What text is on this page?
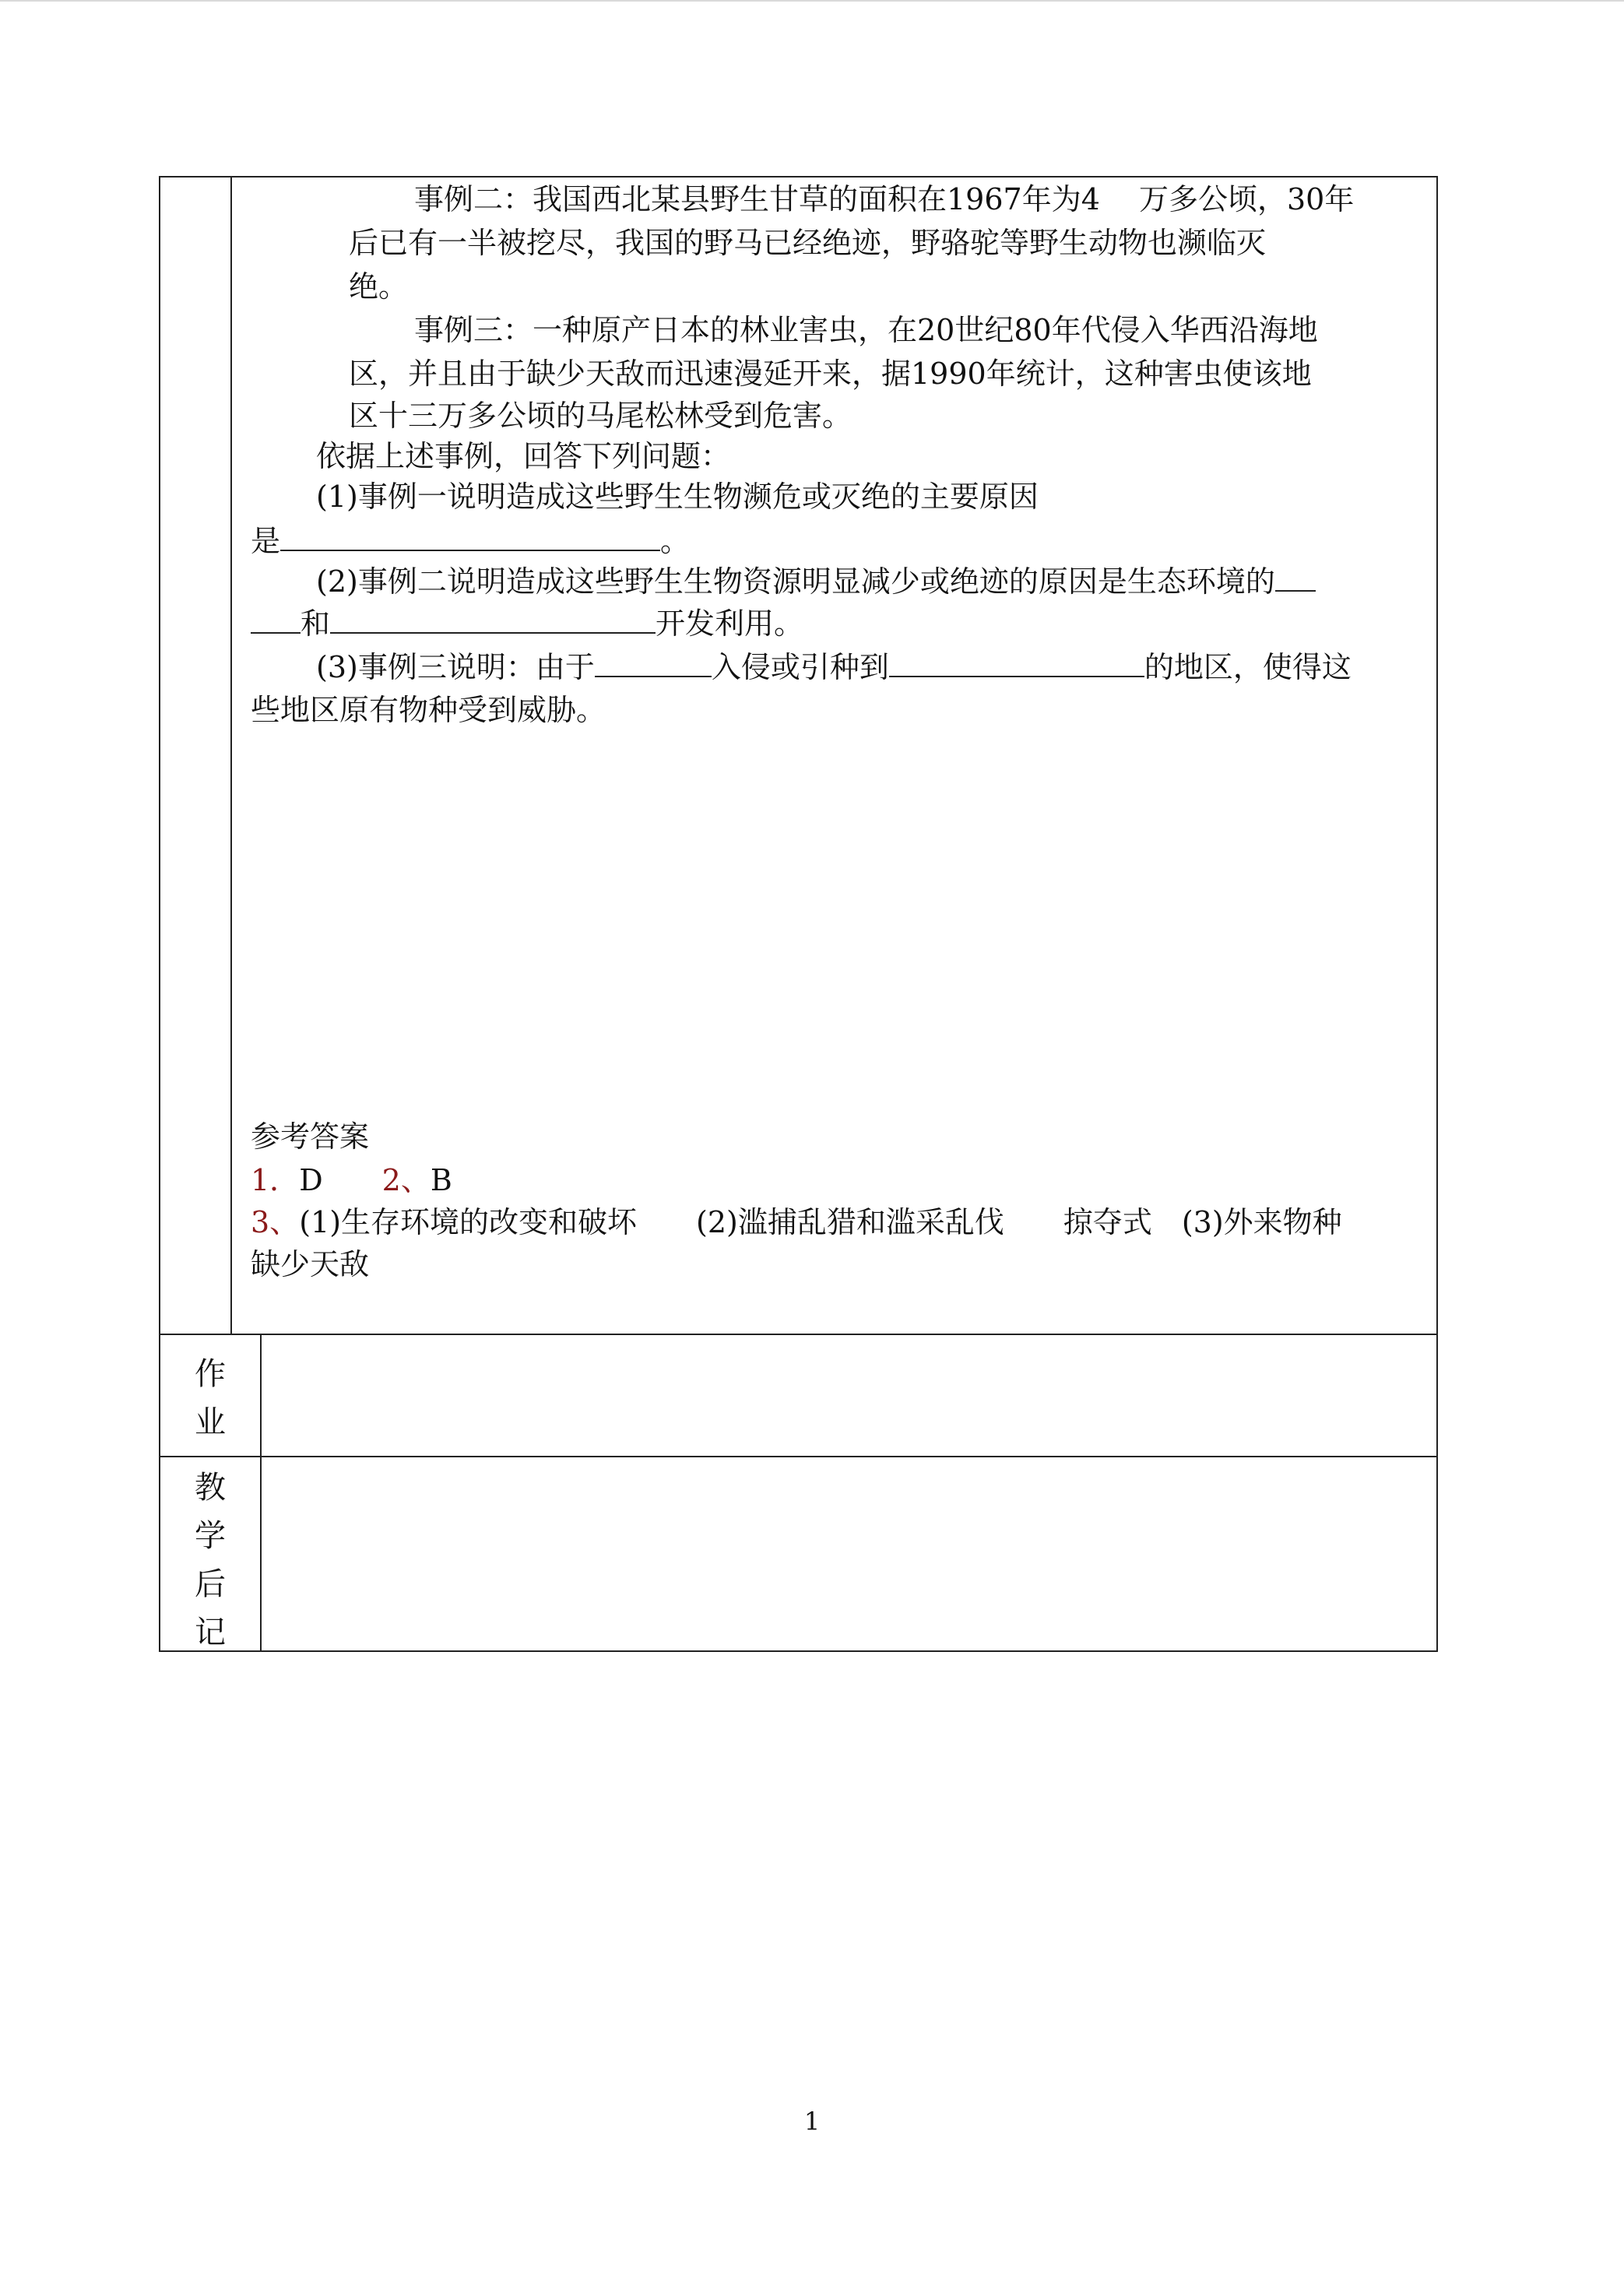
事例二：我国西北某县野生甘草的面积在1967年为4　 万多公顷，30年
后已有一半被挖尽，我国的野马已经绝迹，野骆驼等野生动物也濒临灭
绝。
事例三：一种原产日本的林业害虫，在20世纪80年代侵入华西沿海地
区，并且由于缺少天敌而迅速漫延开来，据1990年统计，这种害虫使该地
区十三万多公顷的马尾松林受到危害。
依据上述事例，回答下列问题：
(1)事例一说明造成这些野生生物濒危或灭绝的主要原因
是	。
(2)事例二说明造成这些野生生物资源明显减少或绝迹的原因是生态环境的
和	开发利用。
(3)事例三说明：由于	入侵或引种到	的地区，使得这
些地区原有物种受到威胁。
参考答案
1．D　　 2、B
3、(1)生存环境的改变和破坏　　(2)滥捕乱猎和滥采乱伐　　掠夺式　(3)外来物种
缺少天敌
作
业
教
学
后
记
1
